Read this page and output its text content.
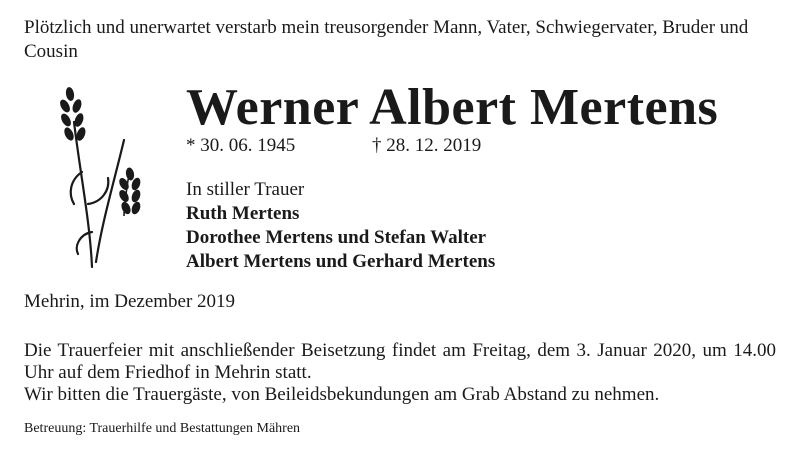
Plötzlich und unerwartet verstarb mein treusorgender Mann, Vater, Schwiegervater, Bruder und Cousin
Werner Albert Mertens
* 30. 06. 1945	† 28. 12. 2019
In stiller Trauer
Ruth Mertens
Dorothee Mertens und Stefan Walter
Albert Mertens und Gerhard Mertens
Mehrin, im Dezember 2019
Die Trauerfeier mit anschließender Beisetzung findet am Freitag, dem 3. Januar 2020, um 14.00 Uhr auf dem Friedhof in Mehrin statt.
Wir bitten die Trauergäste, von Beileidsbekundungen am Grab Abstand zu nehmen.
Betreuung: Trauerhilfe und Bestattungen Mähren
